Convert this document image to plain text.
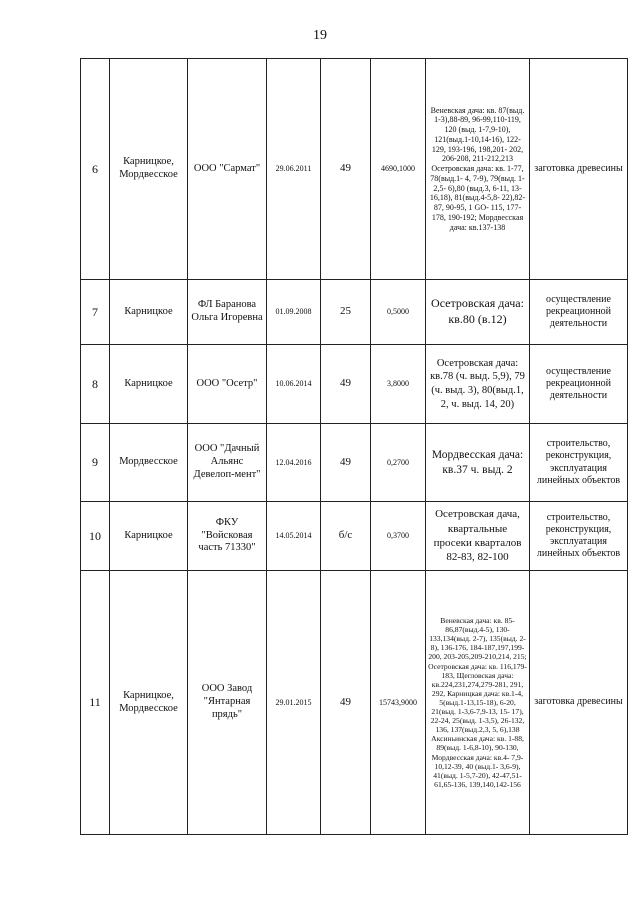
19
6	Карницкое, Мордвесское	ООО "Сармат"	29.06.2011	49	4690,1000	Веневская дача: кв. 87(выд. 1-3),88-89, 96-99,110-119, 120 (выд. 1-7,9-10), 121(выд.1-10,14-16), 122-129, 193-196, 198,201- 202, 206-208, 211-212,213 Осетровская дача: кв. 1-77, 78(выд.1- 4, 7-9), 79(выд. 1-2,5- 6),80 (выд.3, 6-11, 13- 16,18), 81(выд.4-5,8- 22),82-87, 90-95, 1 GO- 115, 177-178, 190-192; Мордвесская дача: кв.137-138	заготовка древесины
7	Карницкое	ФЛ Баранова Ольга Игоревна	01.09.2008	25	0,5000	Осетровская дача: кв.80 (в.12)	осуществление рекреационной деятельности
8	Карницкое	ООО "Осетр"	10.06.2014	49	3,8000	Осетровская дача: кв.78 (ч. выд. 5,9), 79 (ч. выд. 3), 80(выд.1, 2, ч. выд. 14, 20)	осуществление рекреационной деятельности
9	Мордвесское	ООО "Дачный Альянс Девелоп-мент"	12.04.2016	49	0,2700	Мордвесская дача: кв.37 ч. выд. 2	строительство, реконструкция, эксплуатация линейных объектов
10	Карницкое	ФКУ "Войсковая часть 71330"	14.05.2014	б/с	0,3700	Осетровская дача, квартальные просеки кварталов 82-83, 82-100	строительство, реконструкция, эксплуатация линейных объектов
11	Карницкое, Мордвесское	ООО Завод "Янтарная прядь"	29.01.2015	49	15743,9000	Веневская дача: кв. 85-86,87(выд.4-5), 130-133,134(выд. 2-7), 135(выд. 2-8), 136-176, 184-187,197,199-200, 203-205,209-210,214, 215; Осетровская дача: кв. 116,179-183, Щегловская дача: кв.224,231,274,279-281, 291, 292, Карницкая дача: кв.1-4, 5(выд.1-13,15-18), 6-20, 21(выд. 1-3,6-7,9-13, 15- 17), 22-24, 25(выд. 1-3,5), 26-132, 136, 137(выд.2,3, 5, 6),138 Аксиньинская дача: кв. 1-88, 89(выд. 1-6,8-10), 90-130, Мордвесская дача: кв.4- 7,9-10,12-39, 40 (выд.1- 3,6-9), 41(выд. 1-5,7-20), 42-47,51-61,65-136, 139,140,142-156	заготовка древесины
